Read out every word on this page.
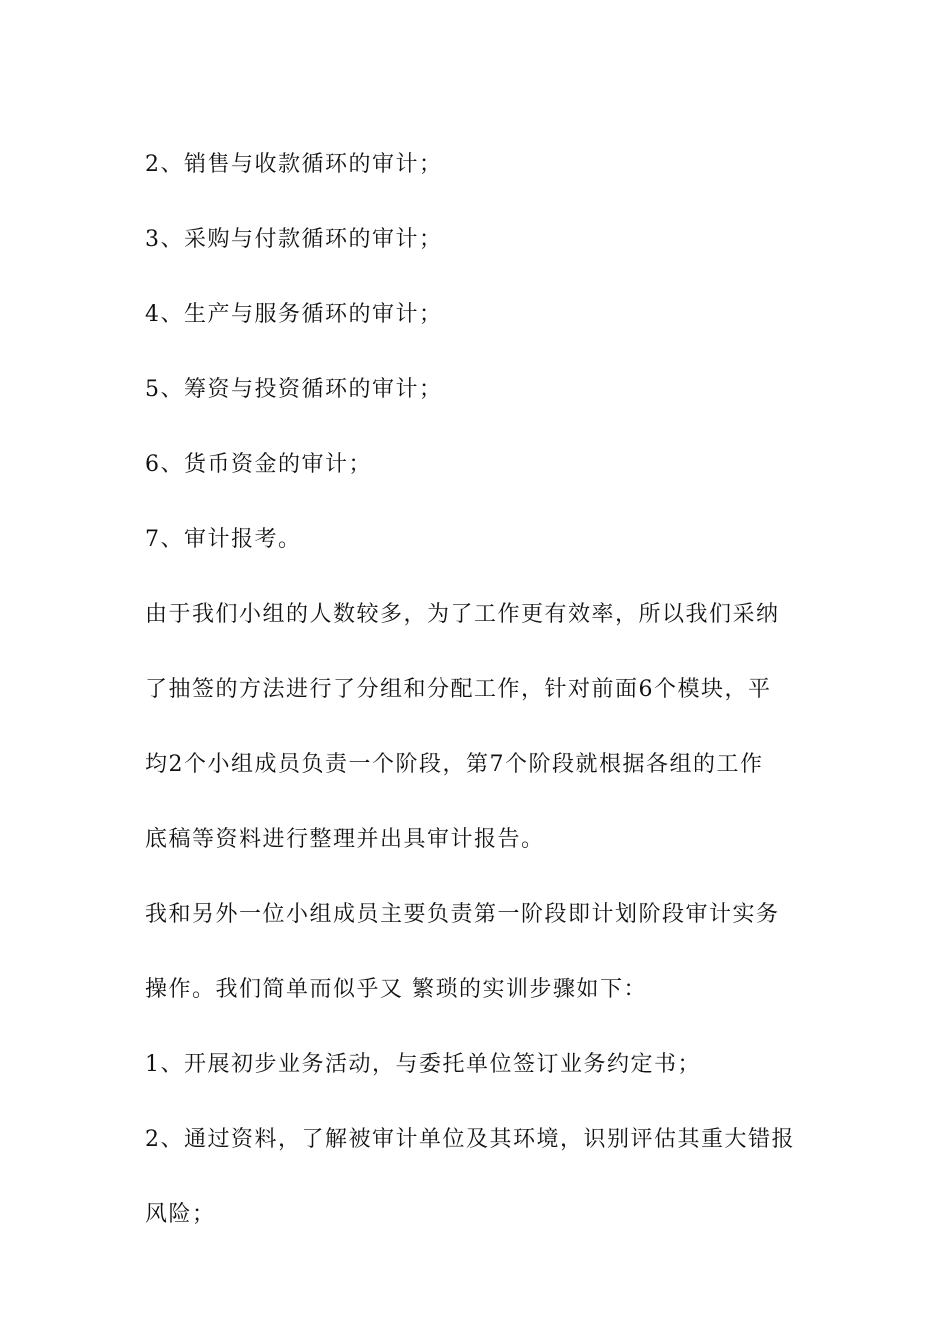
2、销售与收款循环的审计；
3、采购与付款循环的审计；
4、生产与服务循环的审计；
5、筹资与投资循环的审计；
6、货币资金的审计；
7、审计报考。
由于我们小组的人数较多，为了工作更有效率，所以我们采纳
了抽签的方法进行了分组和分配工作，针对前面6个模块，平
均2个小组成员负责一个阶段，第7个阶段就根据各组的工作
底稿等资料进行整理并出具审计报告。
我和另外一位小组成员主要负责第一阶段即计划阶段审计实务
操作。我们简单而似乎又 繁琐的实训步骤如下：
1、开展初步业务活动，与委托单位签订业务约定书；
2、通过资料，了解被审计单位及其环境，识别评估其重大错报
风险；
